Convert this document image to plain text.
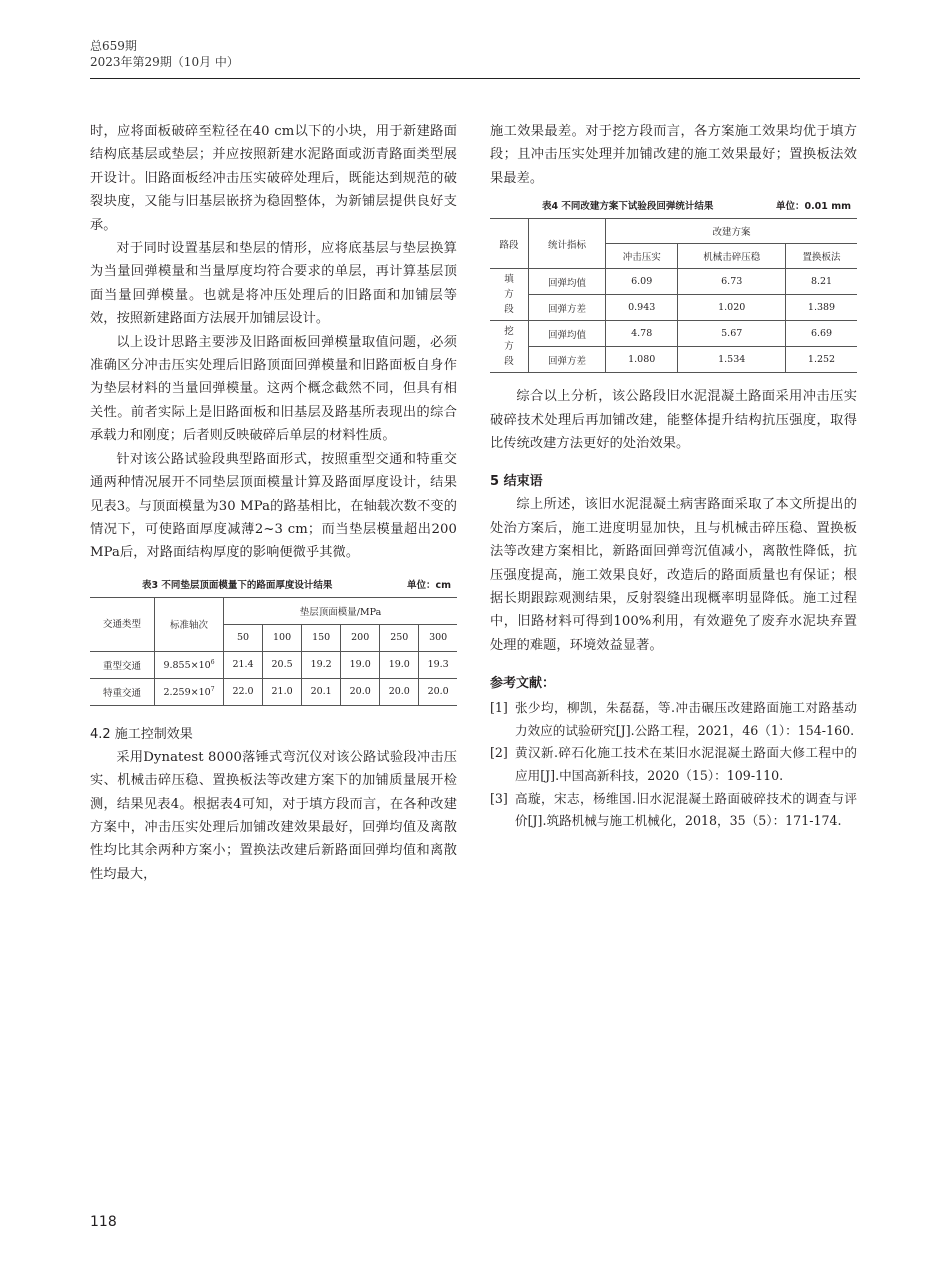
总659期
2023年第29期（10月 中）

时，应将面板破碎至粒径在40 cm以下的小块，用于新建路面结构底基层或垫层；并应按照新建水泥路面或沥青路面类型展开设计。旧路面板经冲击压实破碎处理后，既能达到规范的破裂块度，又能与旧基层嵌挤为稳固整体，为新铺层提供良好支承。

对于同时设置基层和垫层的情形，应将底基层与垫层换算为当量回弹模量和当量厚度均符合要求的单层，再计算基层顶面当量回弹模量。也就是将冲压处理后的旧路面和加铺层等效，按照新建路面方法展开加铺层设计。

以上设计思路主要涉及旧路面板回弹模量取值问题，必须准确区分冲击压实处理后旧路顶面回弹模量和旧路面板自身作为垫层材料的当量回弹模量。这两个概念截然不同，但具有相关性。前者实际上是旧路面板和旧基层及路基所表现出的综合承载力和刚度；后者则反映破碎后单层的材料性质。

针对该公路试验段典型路面形式，按照重型交通和特重交通两种情况展开不同垫层顶面模量计算及路面厚度设计，结果见表3。与顶面模量为30 MPa的路基相比，在轴载次数不变的情况下，可使路面厚度减薄2~3 cm；而当垫层模量超出200 MPa后，对路面结构厚度的影响便微乎其微。

表3 不同垫层顶面模量下的路面厚度设计结果	单位：cm
交通类型	标准轴次	垫层顶面模量/MPa					
		50	100	150	200	250	300
重型交通	$9.855\times 10^6$	21.4	20.5	19.2	19.0	19.0	19.3
特重交通	$2.259\times 10^7$	22.0	21.0	20.1	20.0	20.0	20.0

4.2 施工控制效果

采用Dynatest 8000落锤式弯沉仪对该公路试验段冲击压实、机械击碎压稳、置换板法等改建方案下的加铺质量展开检测，结果见表4。根据表4可知，对于填方段而言，在各种改建方案中，冲击压实处理后加铺改建效果最好，回弹均值及离散性均比其余两种方案小；置换法改建后新路面回弹均值和离散性均最大，

施工效果最差。对于挖方段而言，各方案施工效果均优于填方段；且冲击压实处理并加铺改建的施工效果最好；置换板法效果最差。

表4 不同改建方案下试验段回弹统计结果	单位：0.01 mm
路段	统计指标	改建方案		
		冲击压实	机械击碎压稳	置换板法

填
方
段	回弹均值	6.09	6.73	8.21
	回弹方差	0.943	1.020	1.389

挖
方
段	回弹均值	4.78	5.67	6.69
	回弹方差	1.080	1.534	1.252

综合以上分析，该公路段旧水泥混凝土路面采用冲击压实破碎技术处理后再加铺改建，能整体提升结构抗压强度，取得比传统改建方法更好的处治效果。

5 结束语

综上所述，该旧水泥混凝土病害路面采取了本文所提出的处治方案后，施工进度明显加快，且与机械击碎压稳、置换板法等改建方案相比，新路面回弹弯沉值减小，离散性降低，抗压强度提高，施工效果良好，改造后的路面质量也有保证；根据长期跟踪观测结果，反射裂缝出现概率明显降低。施工过程中，旧路材料可得到100%利用，有效避免了废弃水泥块弃置处理的难题，环境效益显著。

参考文献：

[1] 张少均，柳凯，朱磊磊，等.冲击碾压改建路面施工对路基动力效应的试验研究[J].公路工程，2021，46（1）：154-160.
[2] 黄汉新.碎石化施工技术在某旧水泥混凝土路面大修工程中的应用[J].中国高新科技，2020（15）：109-110.
[3] 高璇，宋志，杨维国.旧水泥混凝土路面破碎技术的调查与评价[J].筑路机械与施工机械化，2018，35（5）：171-174.
118
